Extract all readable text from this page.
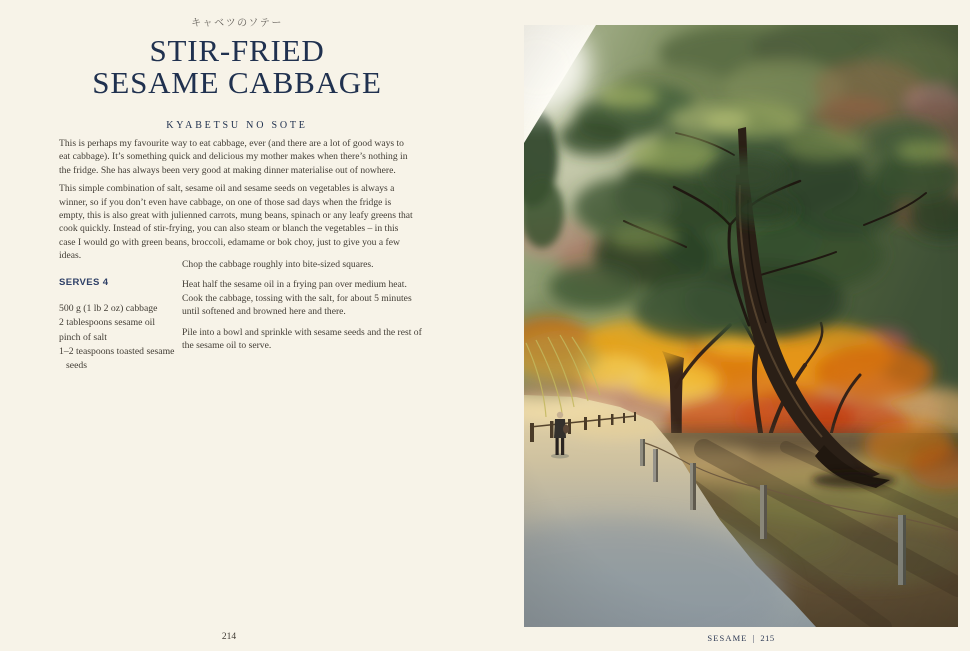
キャベツのソテー
STIR-FRIED
SESAME CABBAGE
KYABETSU NO SOTE

This is perhaps my favourite way to eat cabbage, ever (and there are a lot of good ways to eat cabbage). It’s something quick and delicious my mother makes when there’s nothing in the fridge. She has always been very good at making dinner materialise out of nowhere.

This simple combination of salt, sesame oil and sesame seeds on vegetables is always a winner, so if you don’t even have cabbage, on one of those sad days when the fridge is empty, this is also great with julienned carrots, mung beans, spinach or any leafy greens that cook quickly. Instead of stir-frying, you can also steam or blanch the vegetables – in this case I would go with green beans, broccoli, edamame or bok choy, just to give you a few ideas.

SERVES 4
500 g (1 lb 2 oz) cabbage
2 tablespoons sesame oil
pinch of salt
1–2 teaspoons toasted sesame seeds

Chop the cabbage roughly into bite-sized squares.

Heat half the sesame oil in a frying pan over medium heat. Cook the cabbage, tossing with the salt, for about 5 minutes until softened and browned here and there.

Pile into a bowl and sprinkle with sesame seeds and the rest of the sesame oil to serve.

214	SESAME | 215
